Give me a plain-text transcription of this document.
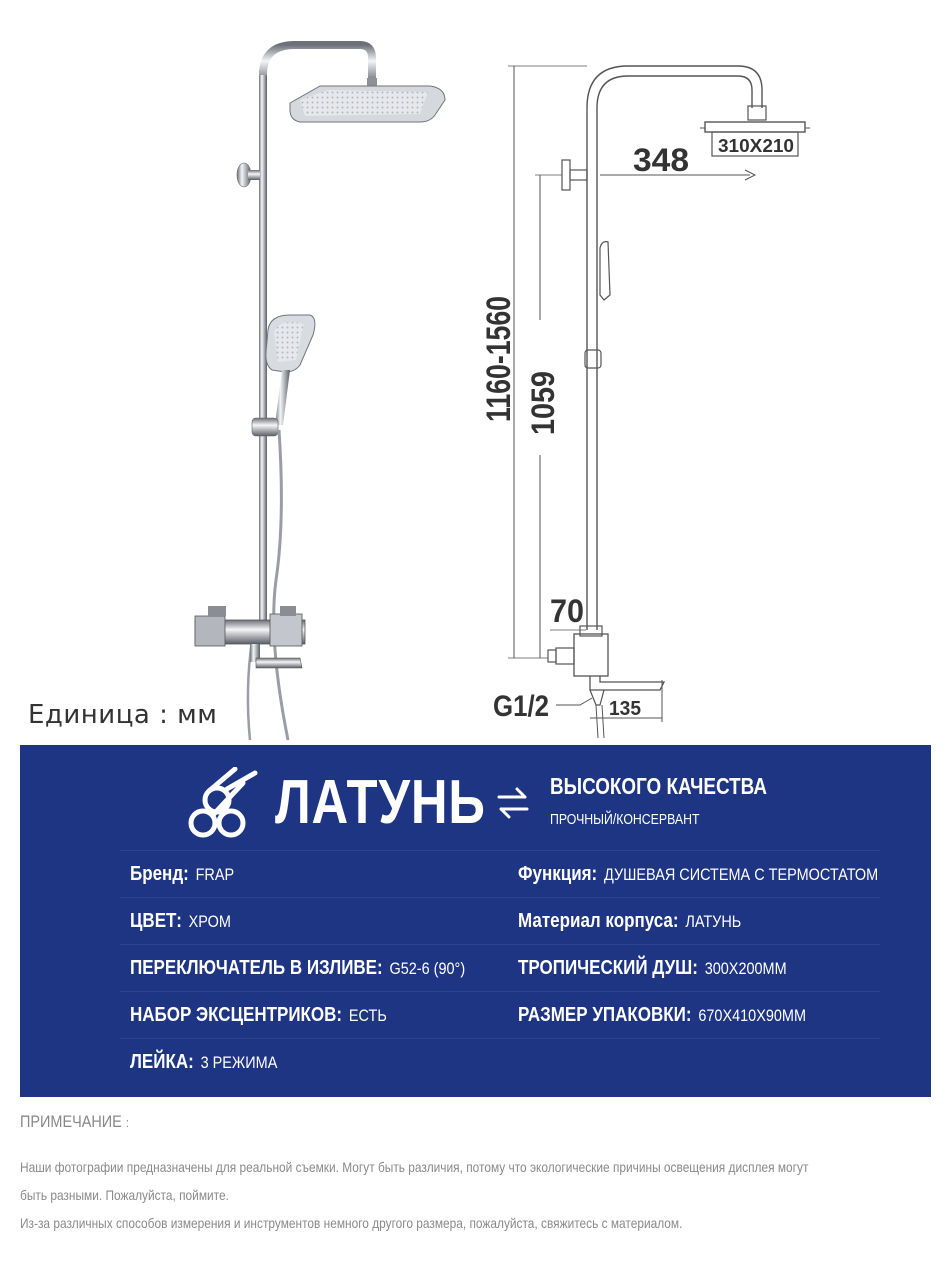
310X210
348
1160-1560 1059
70
G1/2	135
Единица : мм
ЛАТУНЬ	ВЫСОКОГО КАЧЕСТВА
ПРОЧНЫЙ/КОНСЕРВАНТ
Бренд: FRAP	Функция: ДУШЕВАЯ СИСТЕМА С ТЕРМОСТАТОМ
ЦВЕТ: ХРОМ	Материал корпуса: ЛАТУНЬ
ПЕРЕКЛЮЧАТЕЛЬ В ИЗЛИВЕ: G52-6 (90°)	ТРОПИЧЕСКИЙ ДУШ: 300Х200ММ
НАБОР ЭКСЦЕНТРИКОВ: ЕСТЬ	РАЗМЕР УПАКОВКИ: 670Х410Х90ММ
ЛЕЙКА: 3 РЕЖИМА
ПРИМЕЧАНИЕ :
Наши фотографии предназначены для реальной съемки. Могут быть различия, потому что экологические причины освещения дисплея могут
быть разными. Пожалуйста, поймите.
Из-за различных способов измерения и инструментов немного другого размера, пожалуйста, свяжитесь с материалом.
